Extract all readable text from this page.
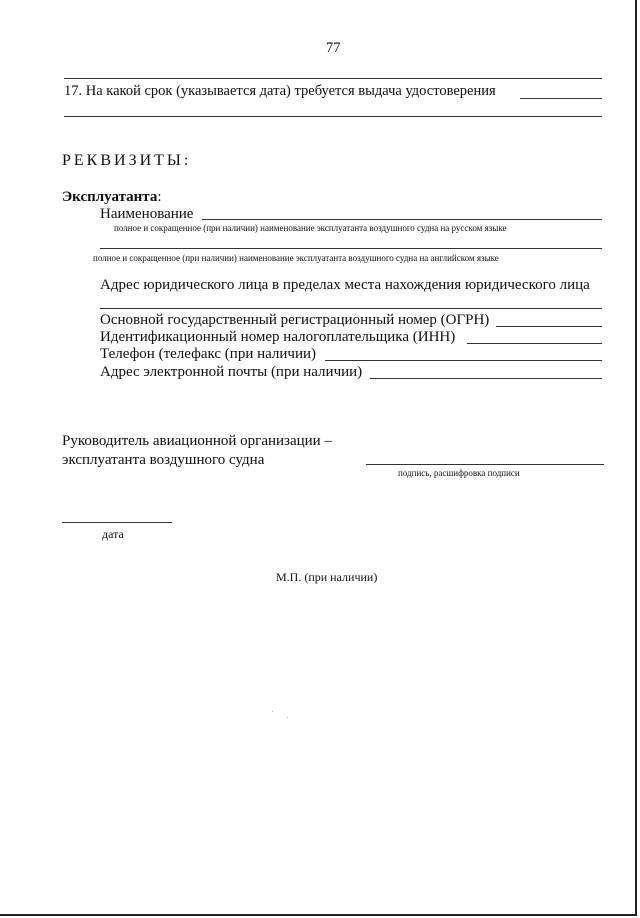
77
17. На какой срок (указывается дата) требуется выдача удостоверения
РЕКВИЗИТЫ:
Эксплуатанта:
Наименование
полное и сокращенное (при наличии) наименование эксплуатанта воздушного судна на русском языке
полное и сокращенное (при наличии) наименование эксплуатанта воздушного судна на английском языке
Адрес юридического лица в пределах места нахождения юридического лица
Основной государственный регистрационный номер (ОГРН)
Идентификационный номер налогоплательщика (ИНН)
Телефон (телефакс (при наличии)
Адрес электронной почты (при наличии)
Руководитель авиационной организации –
эксплуатанта воздушного судна
подпись, расшифровка подписи
дата
М.П. (при наличии)
